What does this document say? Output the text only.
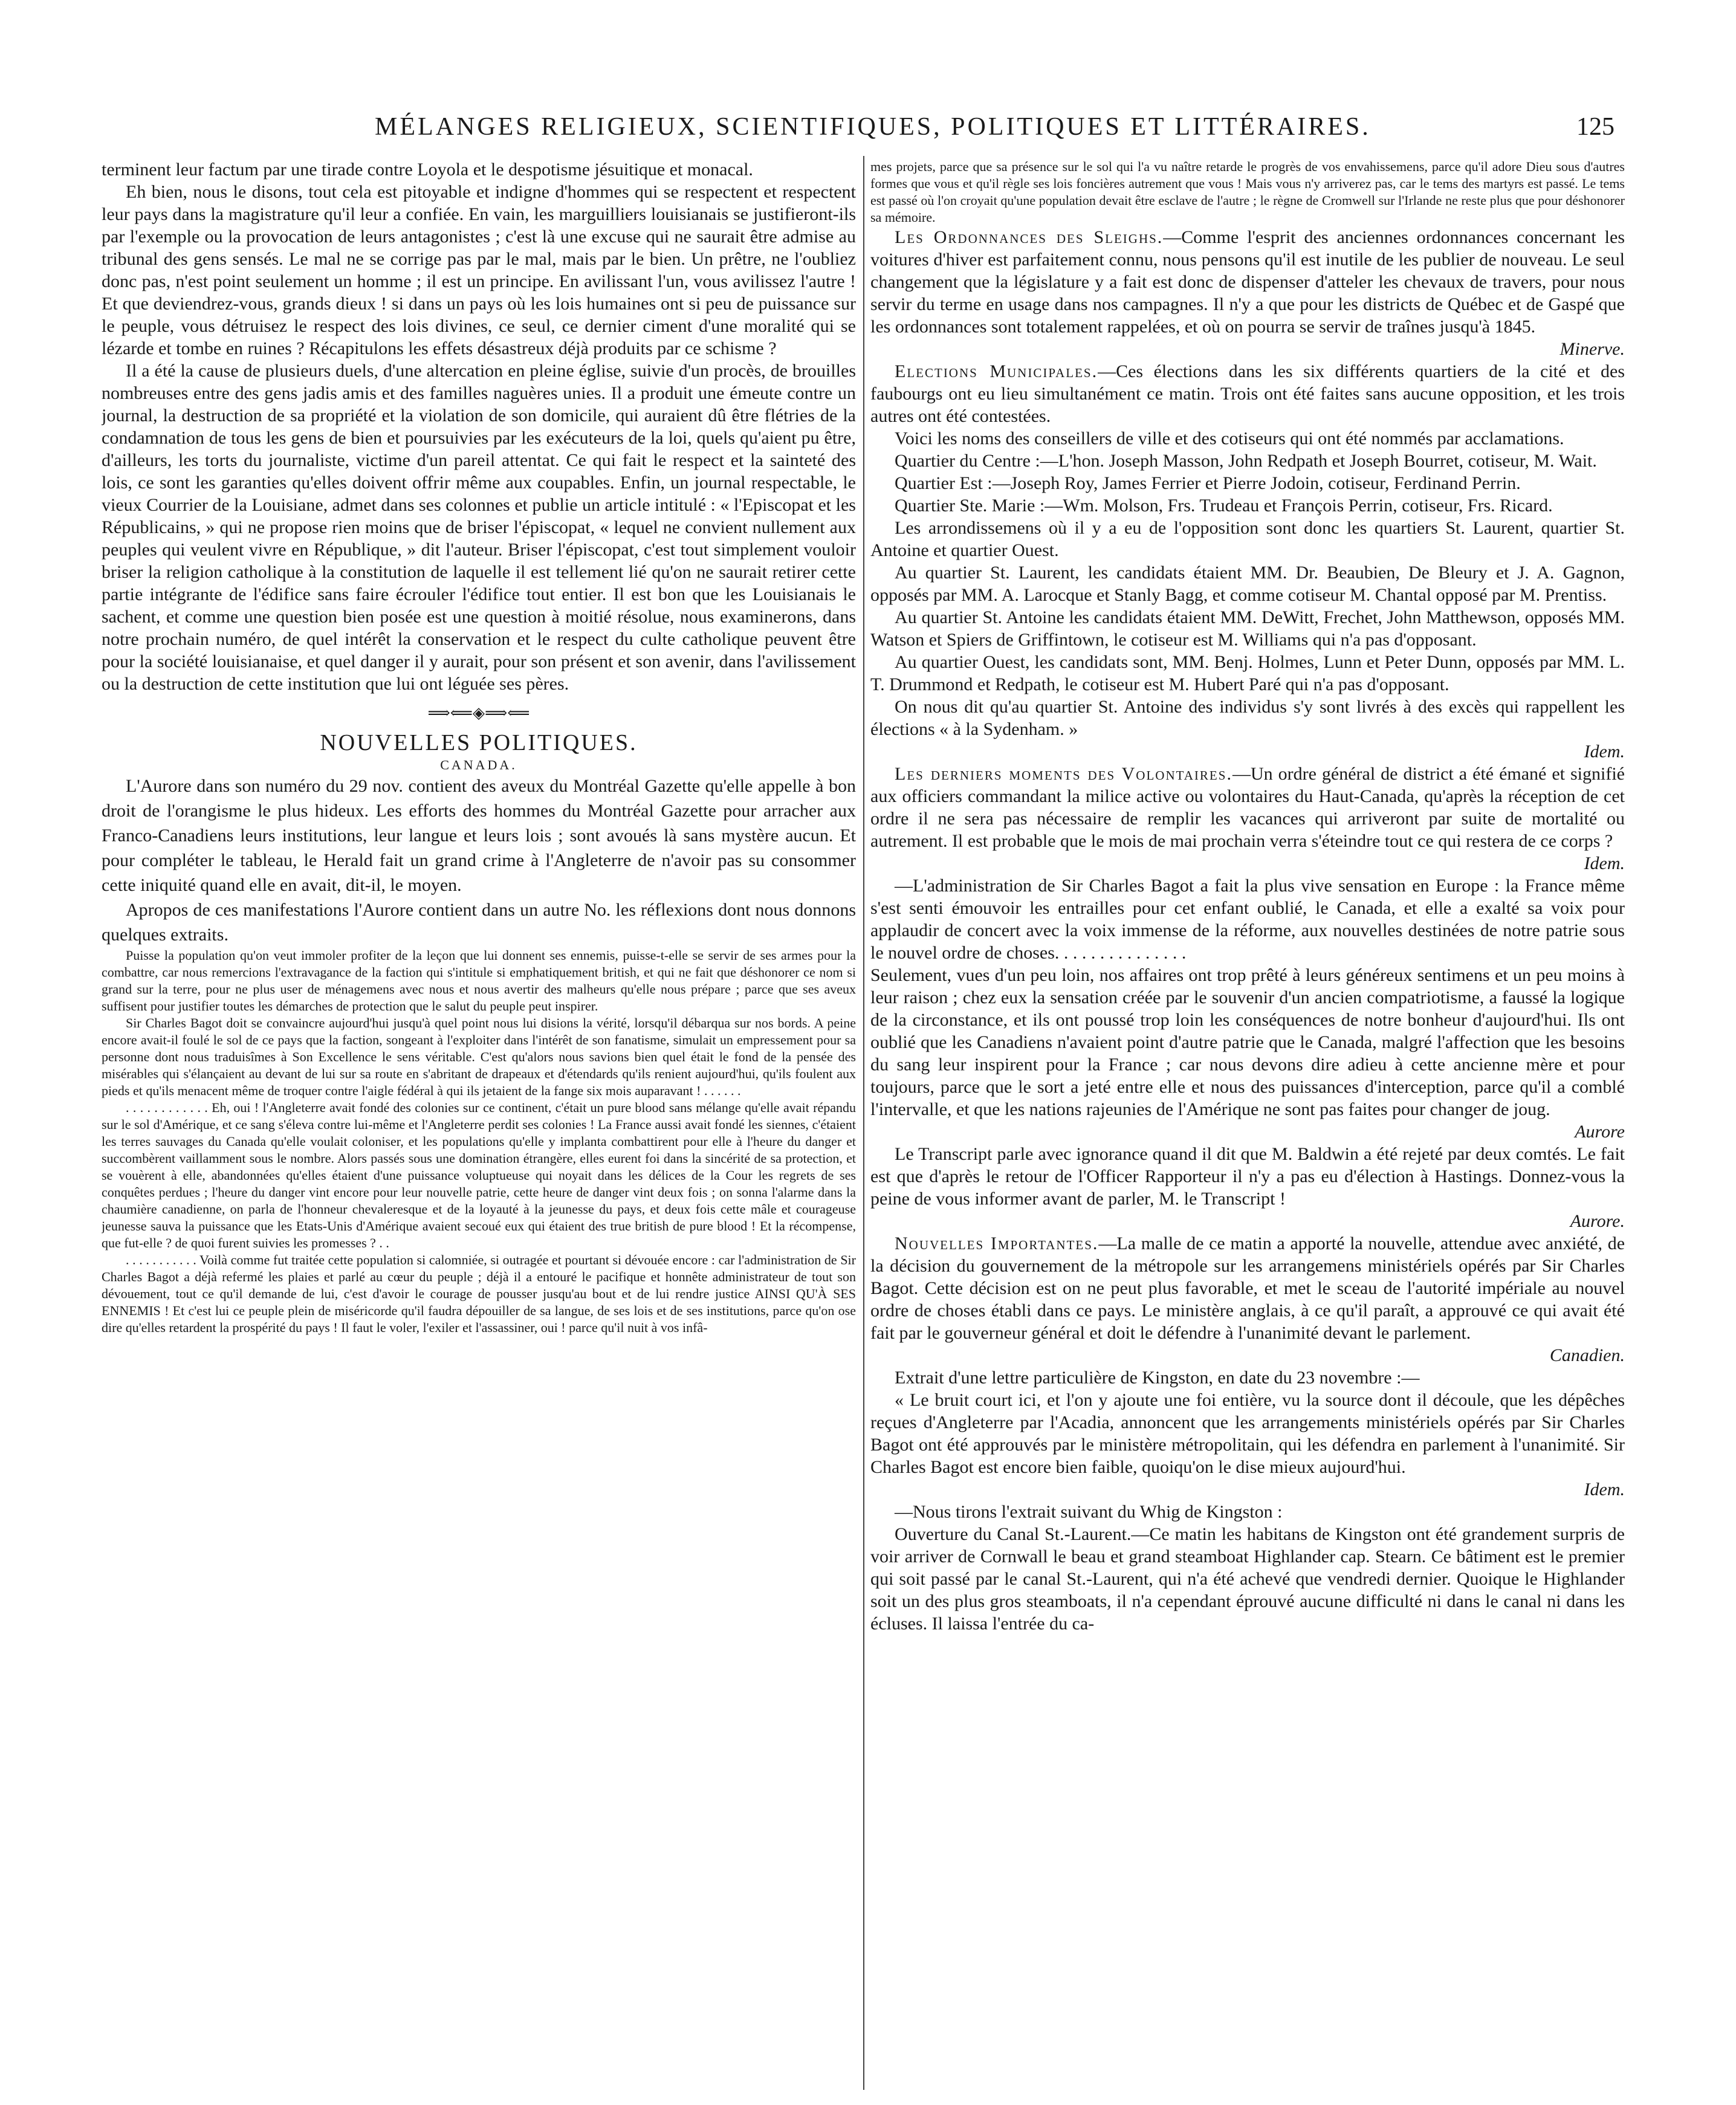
MÉLANGES RELIGIEUX, SCIENTIFIQUES, POLITIQUES ET LITTÉRAIRES.	125

terminent leur factum par une tirade contre Loyola et le despotisme jésuitique et monacal.

Eh bien, nous le disons, tout cela est pitoyable et indigne d'hommes qui se respectent et respectent leur pays dans la magistrature qu'il leur a confiée. En vain, les marguilliers louisianais se justifieront-ils par l'exemple ou la provocation de leurs antagonistes ; c'est là une excuse qui ne saurait être admise au tribunal des gens sensés. Le mal ne se corrige pas par le mal, mais par le bien. Un prêtre, ne l'oubliez donc pas, n'est point seulement un homme ; il est un principe. En avilissant l'un, vous avilissez l'autre ! Et que deviendrez-vous, grands dieux ! si dans un pays où les lois humaines ont si peu de puissance sur le peuple, vous détruisez le respect des lois divines, ce seul, ce dernier ciment d'une moralité qui se lézarde et tombe en ruines ? Récapitulons les effets désastreux déjà produits par ce schisme ?

Il a été la cause de plusieurs duels, d'une altercation en pleine église, suivie d'un procès, de brouilles nombreuses entre des gens jadis amis et des familles naguères unies. Il a produit une émeute contre un journal, la destruction de sa propriété et la violation de son domicile, qui auraient dû être flétries de la condamnation de tous les gens de bien et poursuivies par les exécuteurs de la loi, quels qu'aient pu être, d'ailleurs, les torts du journaliste, victime d'un pareil attentat. Ce qui fait le respect et la sainteté des lois, ce sont les garanties qu'elles doivent offrir même aux coupables. Enfin, un journal respectable, le vieux Courrier de la Louisiane, admet dans ses colonnes et publie un article intitulé : « l'Episcopat et les Républicains, » qui ne propose rien moins que de briser l'épiscopat, « lequel ne convient nullement aux peuples qui veulent vivre en République, » dit l'auteur. Briser l'épiscopat, c'est tout simplement vouloir briser la religion catholique à la constitution de laquelle il est tellement lié qu'on ne saurait retirer cette partie intégrante de l'édifice sans faire écrouler l'édifice tout entier. Il est bon que les Louisianais le sachent, et comme une question bien posée est une question à moitié résolue, nous examinerons, dans notre prochain numéro, de quel intérêt la conservation et le respect du culte catholique peuvent être pour la société louisianaise, et quel danger il y aurait, pour son présent et son avenir, dans l'avilissement ou la destruction de cette institution que lui ont léguée ses pères.

⟹⟸◈⟹⟸
NOUVELLES POLITIQUES.
CANADA.

L'Aurore dans son numéro du 29 nov. contient des aveux du Montréal Gazette qu'elle appelle à bon droit de l'orangisme le plus hideux. Les efforts des hommes du Montréal Gazette pour arracher aux Franco-Canadiens leurs institutions, leur langue et leurs lois ; sont avoués là sans mystère aucun. Et pour compléter le tableau, le Herald fait un grand crime à l'Angleterre de n'avoir pas su consommer cette iniquité quand elle en avait, dit-il, le moyen.

Apropos de ces manifestations l'Aurore contient dans un autre No. les réflexions dont nous donnons quelques extraits.

Puisse la population qu'on veut immoler profiter de la leçon que lui donnent ses ennemis, puisse-t-elle se servir de ses armes pour la combattre, car nous remercions l'extravagance de la faction qui s'intitule si emphatiquement british, et qui ne fait que déshonorer ce nom si grand sur la terre, pour ne plus user de ménagemens avec nous et nous avertir des malheurs qu'elle nous prépare ; parce que ses aveux suffisent pour justifier toutes les démarches de protection que le salut du peuple peut inspirer.

Sir Charles Bagot doit se convaincre aujourd'hui jusqu'à quel point nous lui disions la vérité, lorsqu'il débarqua sur nos bords. A peine encore avait-il foulé le sol de ce pays que la faction, songeant à l'exploiter dans l'intérêt de son fanatisme, simulait un empressement pour sa personne dont nous traduisîmes à Son Excellence le sens véritable. C'est qu'alors nous savions bien quel était le fond de la pensée des misérables qui s'élançaient au devant de lui sur sa route en s'abritant de drapeaux et d'étendards qu'ils renient aujourd'hui, qu'ils foulent aux pieds et qu'ils menacent même de troquer contre l'aigle fédéral à qui ils jetaient de la fange six mois auparavant ! . . . . . .

. . . . . . . . . . . . Eh, oui ! l'Angleterre avait fondé des colonies sur ce continent, c'était un pure blood sans mélange qu'elle avait répandu sur le sol d'Amérique, et ce sang s'éleva contre lui-même et l'Angleterre perdit ses colonies ! La France aussi avait fondé les siennes, c'étaient les terres sauvages du Canada qu'elle voulait coloniser, et les populations qu'elle y implanta combattirent pour elle à l'heure du danger et succombèrent vaillamment sous le nombre. Alors passés sous une domination étrangère, elles eurent foi dans la sincérité de sa protection, et se vouèrent à elle, abandonnées qu'elles étaient d'une puissance voluptueuse qui noyait dans les délices de la Cour les regrets de ses conquêtes perdues ; l'heure du danger vint encore pour leur nouvelle patrie, cette heure de danger vint deux fois ; on sonna l'alarme dans la chaumière canadienne, on parla de l'honneur chevaleresque et de la loyauté à la jeunesse du pays, et deux fois cette mâle et courageuse jeunesse sauva la puissance que les Etats-Unis d'Amérique avaient secoué eux qui étaient des true british de pure blood ! Et la récompense, que fut-elle ? de quoi furent suivies les promesses ? . .

. . . . . . . . . . . Voilà comme fut traitée cette population si calomniée, si outragée et pourtant si dévouée encore : car l'administration de Sir Charles Bagot a déjà refermé les plaies et parlé au cœur du peuple ; déjà il a entouré le pacifique et honnête administrateur de tout son dévouement, tout ce qu'il demande de lui, c'est d'avoir le courage de pousser jusqu'au bout et de lui rendre justice AINSI QU'À SES ENNEMIS ! Et c'est lui ce peuple plein de miséricorde qu'il faudra dépouiller de sa langue, de ses lois et de ses institutions, parce qu'on ose dire qu'elles retardent la prospérité du pays ! Il faut le voler, l'exiler et l'assassiner, oui ! parce qu'il nuit à vos infâ-

mes projets, parce que sa présence sur le sol qui l'a vu naître retarde le progrès de vos envahissemens, parce qu'il adore Dieu sous d'autres formes que vous et qu'il règle ses lois foncières autrement que vous ! Mais vous n'y arriverez pas, car le tems des martyrs est passé. Le tems est passé où l'on croyait qu'une population devait être esclave de l'autre ; le règne de Cromwell sur l'Irlande ne reste plus que pour déshonorer sa mémoire.

Les Ordonnances des Sleighs.—Comme l'esprit des anciennes ordonnances concernant les voitures d'hiver est parfaitement connu, nous pensons qu'il est inutile de les publier de nouveau. Le seul changement que la législature y a fait est donc de dispenser d'atteler les chevaux de travers, pour nous servir du terme en usage dans nos campagnes. Il n'y a que pour les districts de Québec et de Gaspé que les ordonnances sont totalement rappelées, et où on pourra se servir de traînes jusqu'à 1845.

Minerve.

Elections Municipales.—Ces élections dans les six différents quartiers de la cité et des faubourgs ont eu lieu simultanément ce matin. Trois ont été faites sans aucune opposition, et les trois autres ont été contestées.

Voici les noms des conseillers de ville et des cotiseurs qui ont été nommés par acclamations.

Quartier du Centre :—L'hon. Joseph Masson, John Redpath et Joseph Bourret, cotiseur, M. Wait.

Quartier Est :—Joseph Roy, James Ferrier et Pierre Jodoin, cotiseur, Ferdinand Perrin.

Quartier Ste. Marie :—Wm. Molson, Frs. Trudeau et François Perrin, cotiseur, Frs. Ricard.

Les arrondissemens où il y a eu de l'opposition sont donc les quartiers St. Laurent, quartier St. Antoine et quartier Ouest.

Au quartier St. Laurent, les candidats étaient MM. Dr. Beaubien, De Bleury et J. A. Gagnon, opposés par MM. A. Larocque et Stanly Bagg, et comme cotiseur M. Chantal opposé par M. Prentiss.

Au quartier St. Antoine les candidats étaient MM. DeWitt, Frechet, John Matthewson, opposés MM. Watson et Spiers de Griffintown, le cotiseur est M. Williams qui n'a pas d'opposant.

Au quartier Ouest, les candidats sont, MM. Benj. Holmes, Lunn et Peter Dunn, opposés par MM. L. T. Drummond et Redpath, le cotiseur est M. Hubert Paré qui n'a pas d'opposant.

On nous dit qu'au quartier St. Antoine des individus s'y sont livrés à des excès qui rappellent les élections « à la Sydenham. »

Idem.

Les derniers moments des Volontaires.—Un ordre général de district a été émané et signifié aux officiers commandant la milice active ou volontaires du Haut-Canada, qu'après la réception de cet ordre il ne sera pas nécessaire de remplir les vacances qui arriveront par suite de mortalité ou autrement. Il est probable que le mois de mai prochain verra s'éteindre tout ce qui restera de ce corps ?

Idem.

—L'administration de Sir Charles Bagot a fait la plus vive sensation en Europe : la France même s'est senti émouvoir les entrailles pour cet enfant oublié, le Canada, et elle a exalté sa voix pour applaudir de concert avec la voix immense de la réforme, aux nouvelles destinées de notre patrie sous le nouvel ordre de choses. . . . . . . . . . . . . . .

Seulement, vues d'un peu loin, nos affaires ont trop prêté à leurs généreux sentimens et un peu moins à leur raison ; chez eux la sensation créée par le souvenir d'un ancien compatriotisme, a faussé la logique de la circonstance, et ils ont poussé trop loin les conséquences de notre bonheur d'aujourd'hui. Ils ont oublié que les Canadiens n'avaient point d'autre patrie que le Canada, malgré l'affection que les besoins du sang leur inspirent pour la France ; car nous devons dire adieu à cette ancienne mère et pour toujours, parce que le sort a jeté entre elle et nous des puissances d'interception, parce qu'il a comblé l'intervalle, et que les nations rajeunies de l'Amérique ne sont pas faites pour changer de joug.

Aurore

Le Transcript parle avec ignorance quand il dit que M. Baldwin a été rejeté par deux comtés. Le fait est que d'après le retour de l'Officer Rapporteur il n'y a pas eu d'élection à Hastings. Donnez-vous la peine de vous informer avant de parler, M. le Transcript !

Aurore.

Nouvelles Importantes.—La malle de ce matin a apporté la nouvelle, attendue avec anxiété, de la décision du gouvernement de la métropole sur les arrangemens ministériels opérés par Sir Charles Bagot. Cette décision est on ne peut plus favorable, et met le sceau de l'autorité impériale au nouvel ordre de choses établi dans ce pays. Le ministère anglais, à ce qu'il paraît, a approuvé ce qui avait été fait par le gouverneur général et doit le défendre à l'unanimité devant le parlement.

Canadien.

Extrait d'une lettre particulière de Kingston, en date du 23 novembre :—

« Le bruit court ici, et l'on y ajoute une foi entière, vu la source dont il découle, que les dépêches reçues d'Angleterre par l'Acadia, annoncent que les arrangements ministériels opérés par Sir Charles Bagot ont été approuvés par le ministère métropolitain, qui les défendra en parlement à l'unanimité. Sir Charles Bagot est encore bien faible, quoiqu'on le dise mieux aujourd'hui.

Idem.

—Nous tirons l'extrait suivant du Whig de Kingston :

Ouverture du Canal St.-Laurent.—Ce matin les habitans de Kingston ont été grandement surpris de voir arriver de Cornwall le beau et grand steamboat Highlander cap. Stearn. Ce bâtiment est le premier qui soit passé par le canal St.-Laurent, qui n'a été achevé que vendredi dernier. Quoique le Highlander soit un des plus gros steamboats, il n'a cependant éprouvé aucune difficulté ni dans le canal ni dans les écluses. Il laissa l'entrée du ca-
